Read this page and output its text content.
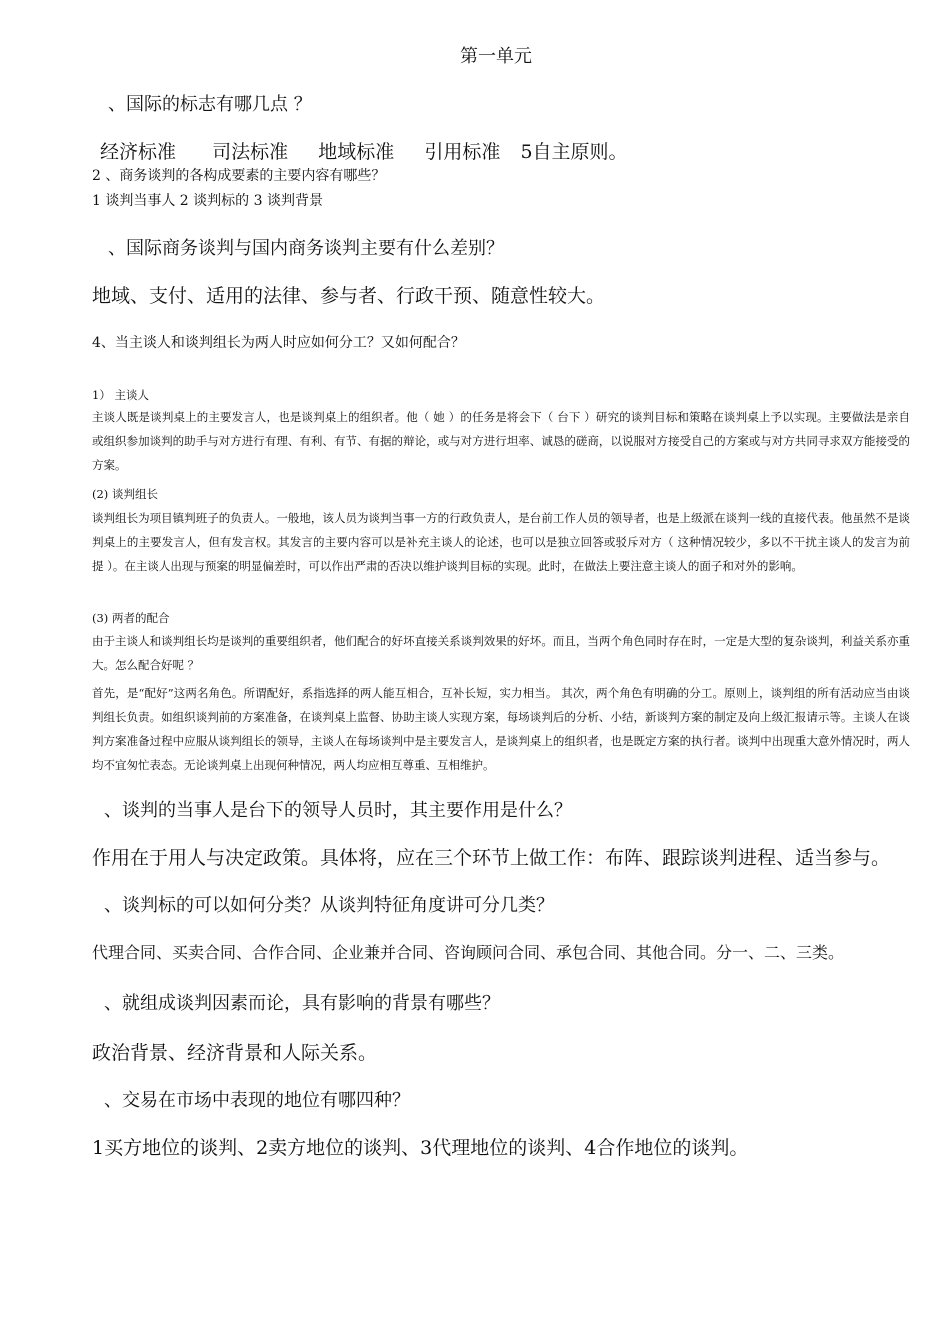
第一单元
、国际的标志有哪几点 ？
经济标准 司法标准 地域标准 引用标准 5自主原则。
2 、商务谈判的各构成要素的主要内容有哪些？
1 谈判当事人 2 谈判标的 3 谈判背景
、国际商务谈判与国内商务谈判主要有什么差别？
地域、支付、适用的法律、参与者、行政干预、随意性较大。
4、当主谈人和谈判组长为两人时应如何分工？又如何配合？
1） 主谈人

主谈人既是谈判桌上的主要发言人，也是谈判桌上的组织者。他（ 她 ）的任务是将会下（ 台下 ）研究的谈判目标和策略在谈判桌上予以实现。主要做法是亲自或组织参加谈判的助手与对方进行有理、有利、有节、有据的辩论，或与对方进行坦率、诚恳的磋商，以说服对方接受自己的方案或与对方共同寻求双方能接受的方案。

(2) 谈判组长

谈判组长为项目镇判班子的负责人。一般地，该人员为谈判当事一方的行政负责人，是台前工作人员的领导者，也是上级派在谈判一线的直接代表。他虽然不是谈判桌上的主要发言人，但有发言权。其发言的主要内容可以是补充主谈人的论述，也可以是独立回答或驳斥对方（ 这种情况较少，多以不干扰主谈人的发言为前提 ）。在主谈人出现与预案的明显偏差时，可以作出严肃的否决以维护谈判目标的实现。此时，在做法上要注意主谈人的面子和对外的影响。

(3) 两者的配合

由于主谈人和谈判组长均是谈判的重要组织者，他们配合的好坏直接关系谈判效果的好坏。而且，当两个角色同时存在时，一定是大型的复杂谈判，利益关系亦重大。怎么配合好呢 ？

首先，是“配好”这两名角色。所谓配好，系指选择的两人能互相合，互补长短，实力相当。 其次，两个角色有明确的分工。原则上，谈判组的所有活动应当由谈判组长负责。如组织谈判前的方案准备，在谈判桌上监督、协助主谈人实现方案，每场谈判后的分析、小结，新谈判方案的制定及向上级汇报请示等。主谈人在谈判方案准备过程中应服从谈判组长的领导，主谈人在每场谈判中是主要发言人，是谈判桌上的组织者，也是既定方案的执行者。谈判中出现重大意外情况时，两人均不宜匆忙表态。无论谈判桌上出现何种情况，两人均应相互尊重、互相维护。

、谈判的当事人是台下的领导人员时，其主要作用是什么？
作用在于用人与决定政策。具体将，应在三个环节上做工作：布阵、跟踪谈判进程、适当参与。
、谈判标的可以如何分类？从谈判特征角度讲可分几类？
代理合同、买卖合同、合作合同、企业兼并合同、咨询顾问合同、承包合同、其他合同。分一、二、三类。
、就组成谈判因素而论，具有影响的背景有哪些？
政治背景、经济背景和人际关系。
、交易在市场中表现的地位有哪四种？
1买方地位的谈判、2卖方地位的谈判、3代理地位的谈判、4合作地位的谈判。
